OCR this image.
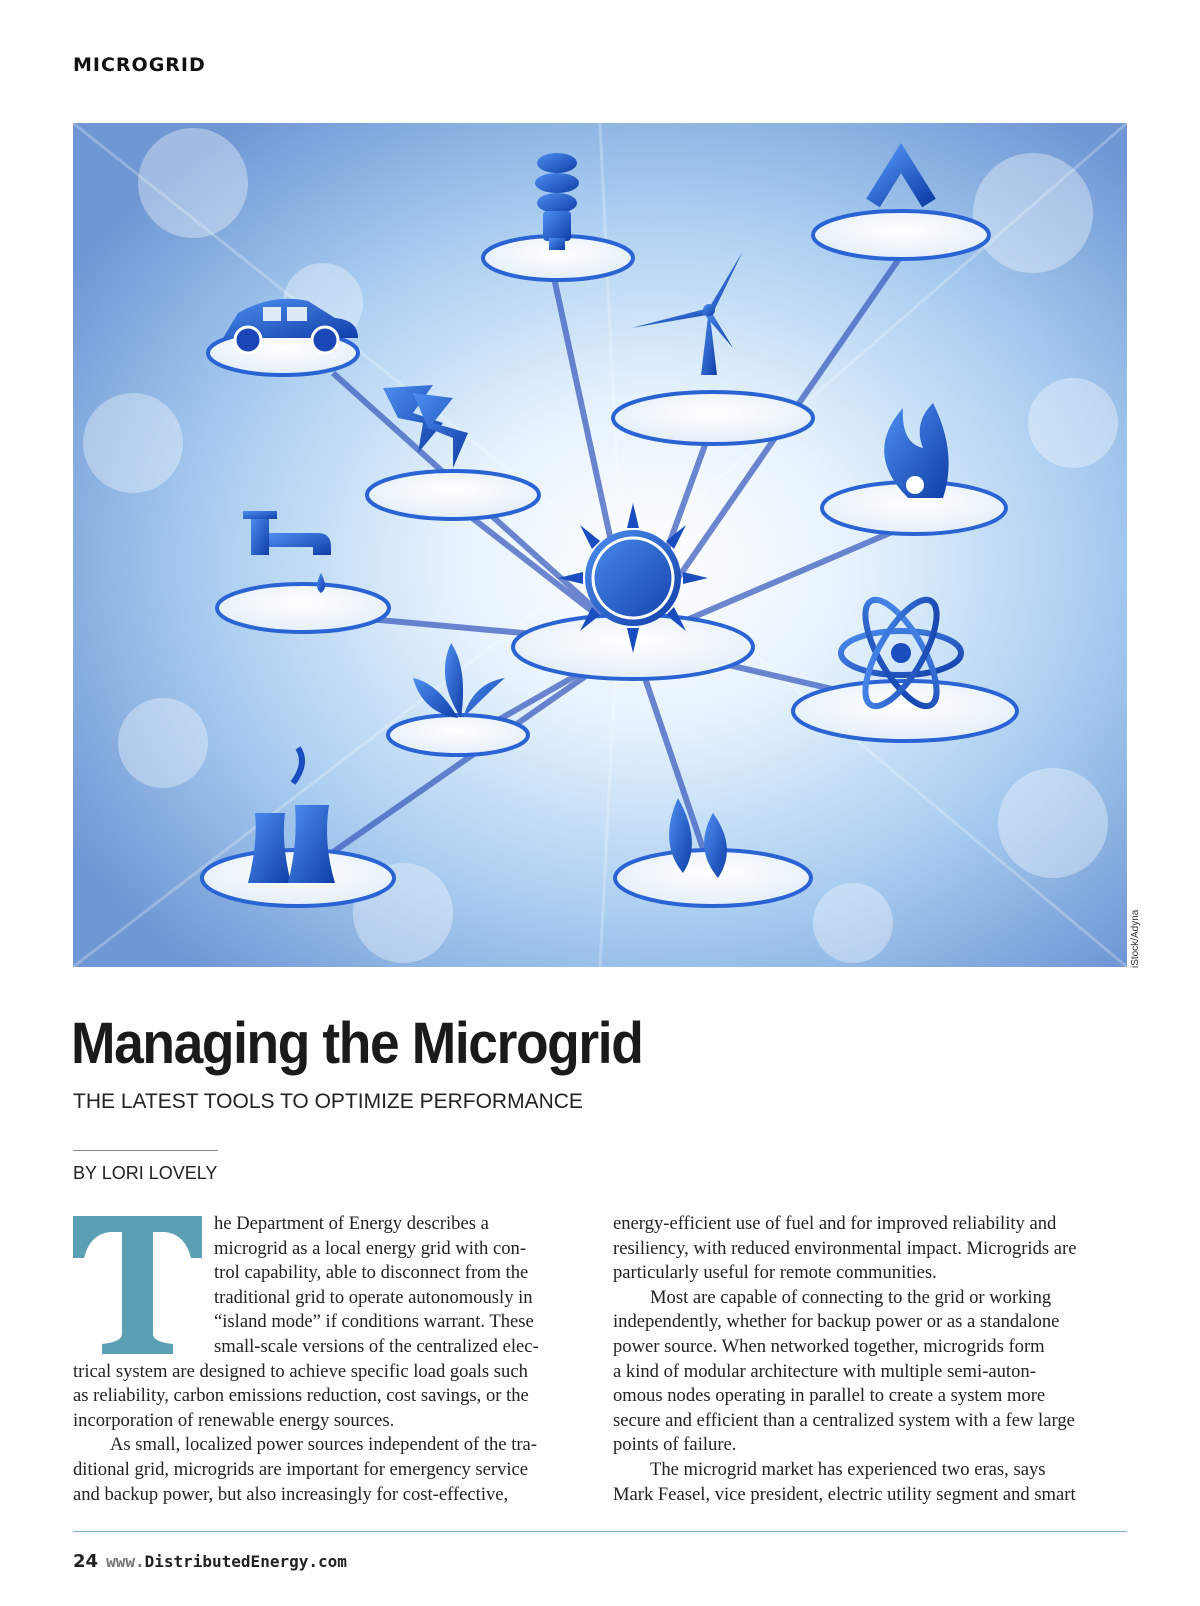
MICROGRID
iStock/Adyna
Managing the Microgrid
THE LATEST TOOLS TO OPTIMIZE PERFORMANCE
BY LORI LOVELY
he Department of Energy describes a
microgrid as a local energy grid with con-
trol capability, able to disconnect from the
traditional grid to operate autonomously in
“island mode” if conditions warrant. These
small-scale versions of the centralized elec-
trical system are designed to achieve specific load goals such
as reliability, carbon emissions reduction, cost savings, or the
incorporation of renewable energy sources.
As small, localized power sources independent of the tra-
ditional grid, microgrids are important for emergency service
and backup power, but also increasingly for cost-effective,
energy-efficient use of fuel and for improved reliability and
resiliency, with reduced environmental impact. Microgrids are
particularly useful for remote communities.
Most are capable of connecting to the grid or working
independently, whether for backup power or as a standalone
power source. When networked together, microgrids form
a kind of modular architecture with multiple semi-auton-
omous nodes operating in parallel to create a system more
secure and efficient than a centralized system with a few large
points of failure.
The microgrid market has experienced two eras, says
Mark Feasel, vice president, electric utility segment and smart
24 www.DistributedEnergy.com
